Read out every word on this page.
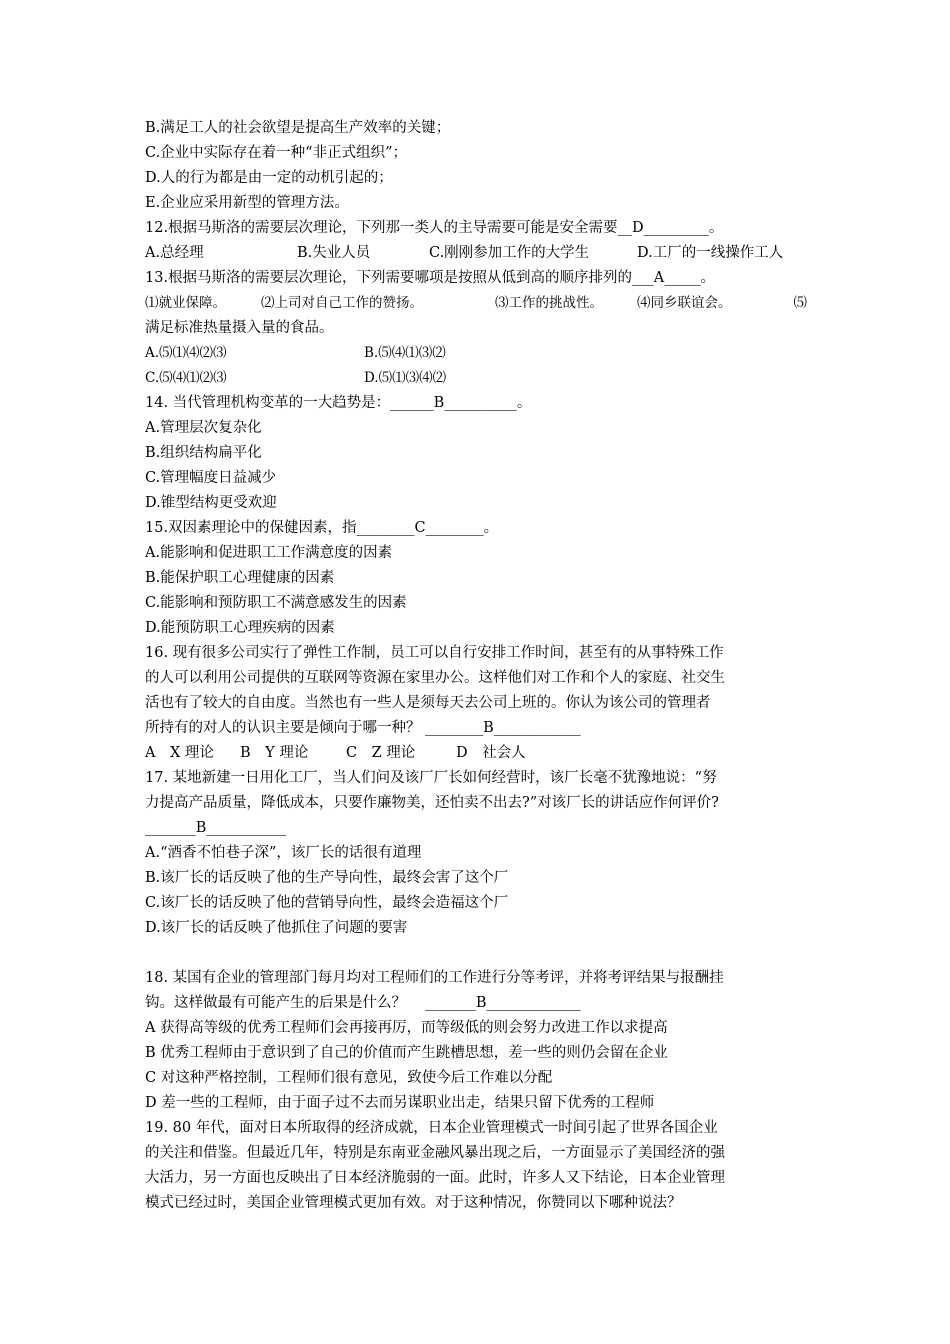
B.满足工人的社会欲望是提高生产效率的关键；
C.企业中实际存在着一种“非正式组织”；
D.人的行为都是由一定的动机引起的；
E.企业应采用新型的管理方法。
12.根据马斯洛的需要层次理论，下列那一类人的主导需要可能是安全需要__D_________。
A.总经理	B.失业人员	C.刚刚参加工作的大学生	D.工厂的一线操作工人
13.根据马斯洛的需要层次理论，下列需要哪项是按照从低到高的顺序排列的___A_____。
⑴就业保障。	⑵上司对自己工作的赞扬。	⑶工作的挑战性。	⑷同乡联谊会。	⑸
满足标准热量摄入量的食品。
A.⑸⑴⑷⑵⑶	B.⑸⑷⑴⑶⑵
C.⑸⑷⑴⑵⑶	D.⑸⑴⑶⑷⑵
14. 当代管理机构变革的一大趋势是：______B__________。
A.管理层次复杂化
B.组织结构扁平化
C.管理幅度日益减少
D.锥型结构更受欢迎
15.双因素理论中的保健因素，指________C________。
A.能影响和促进职工工作满意度的因素
B.能保护职工心理健康的因素
C.能影响和预防职工不满意感发生的因素
D.能预防职工心理疾病的因素
16. 现有很多公司实行了弹性工作制，员工可以自行安排工作时间，甚至有的从事特殊工作
的人可以利用公司提供的互联网等资源在家里办公。这样他们对工作和个人的家庭、社交生
活也有了较大的自由度。当然也有一些人是须每天去公司上班的。你认为该公司的管理者
所持有的对人的认识主要是倾向于哪一种？ ________B____________
A　X 理论	B　Y 理论	C　Z 理论	D　社会人
17. 某地新建一日用化工厂，当人们问及该厂厂长如何经营时，该厂长毫不犹豫地说：“努
力提高产品质量，降低成本，只要作廉物美，还怕卖不出去?”对该厂长的讲话应作何评价?
_______B___________
A.“酒香不怕巷子深”，该厂长的话很有道理
B.该厂长的话反映了他的生产导向性，最终会害了这个厂
C.该厂长的话反映了他的营销导向性，最终会造福这个厂
D.该厂长的话反映了他抓住了问题的要害
18. 某国有企业的管理部门每月均对工程师们的工作进行分等考评，并将考评结果与报酬挂
钩。这样做最有可能产生的后果是什么？　 _______B_____________
A 获得高等级的优秀工程师们会再接再厉，而等级低的则会努力改进工作以求提高
B 优秀工程师由于意识到了自己的价值而产生跳槽思想，差一些的则仍会留在企业
C 对这种严格控制，工程师们很有意见，致使今后工作难以分配
D 差一些的工程师，由于面子过不去而另谋职业出走，结果只留下优秀的工程师
19. 80 年代，面对日本所取得的经济成就，日本企业管理模式一时间引起了世界各国企业
的关注和借鉴。但最近几年，特别是东南亚金融风暴出现之后，一方面显示了美国经济的强
大活力，另一方面也反映出了日本经济脆弱的一面。此时，许多人又下结论，日本企业管理
模式已经过时，美国企业管理模式更加有效。对于这种情况，你赞同以下哪种说法？
